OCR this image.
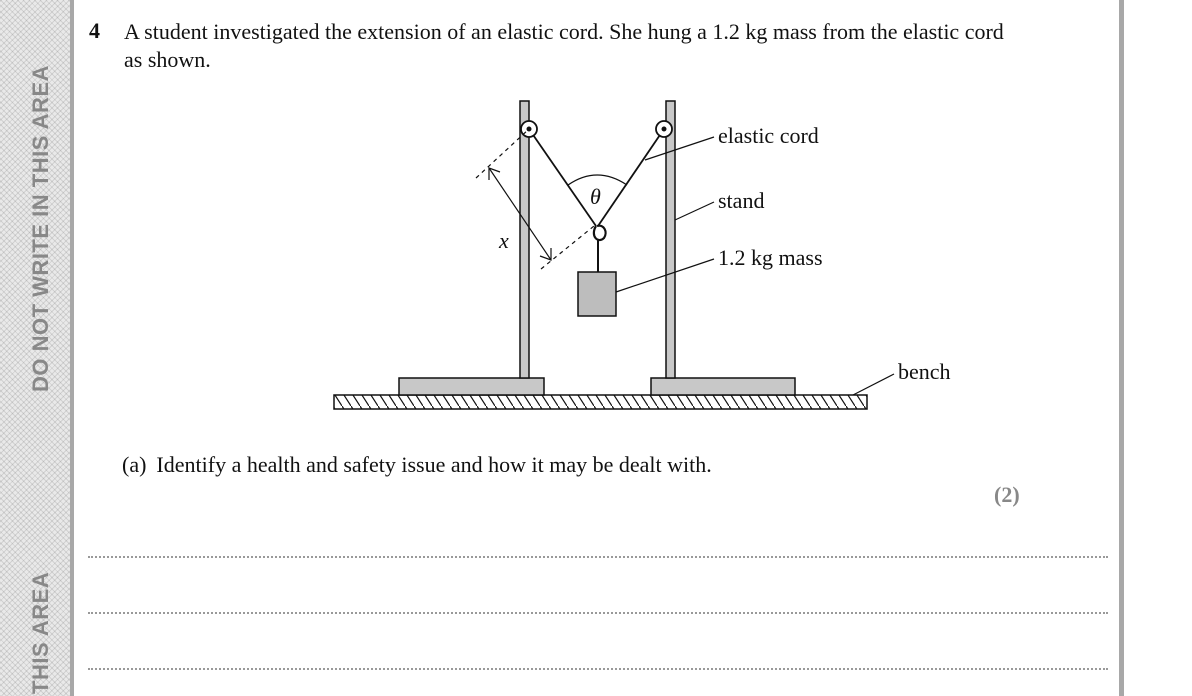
DO NOT WRITE IN THIS AREA
THIS AREA
4 A student investigated the extension of an elastic cord. She hung a 1.2 kg mass from the elastic cord as shown.
θ
x
elastic cord
stand
1.2 kg mass
bench
(a) Identify a health and safety issue and how it may be dealt with.
(2)
